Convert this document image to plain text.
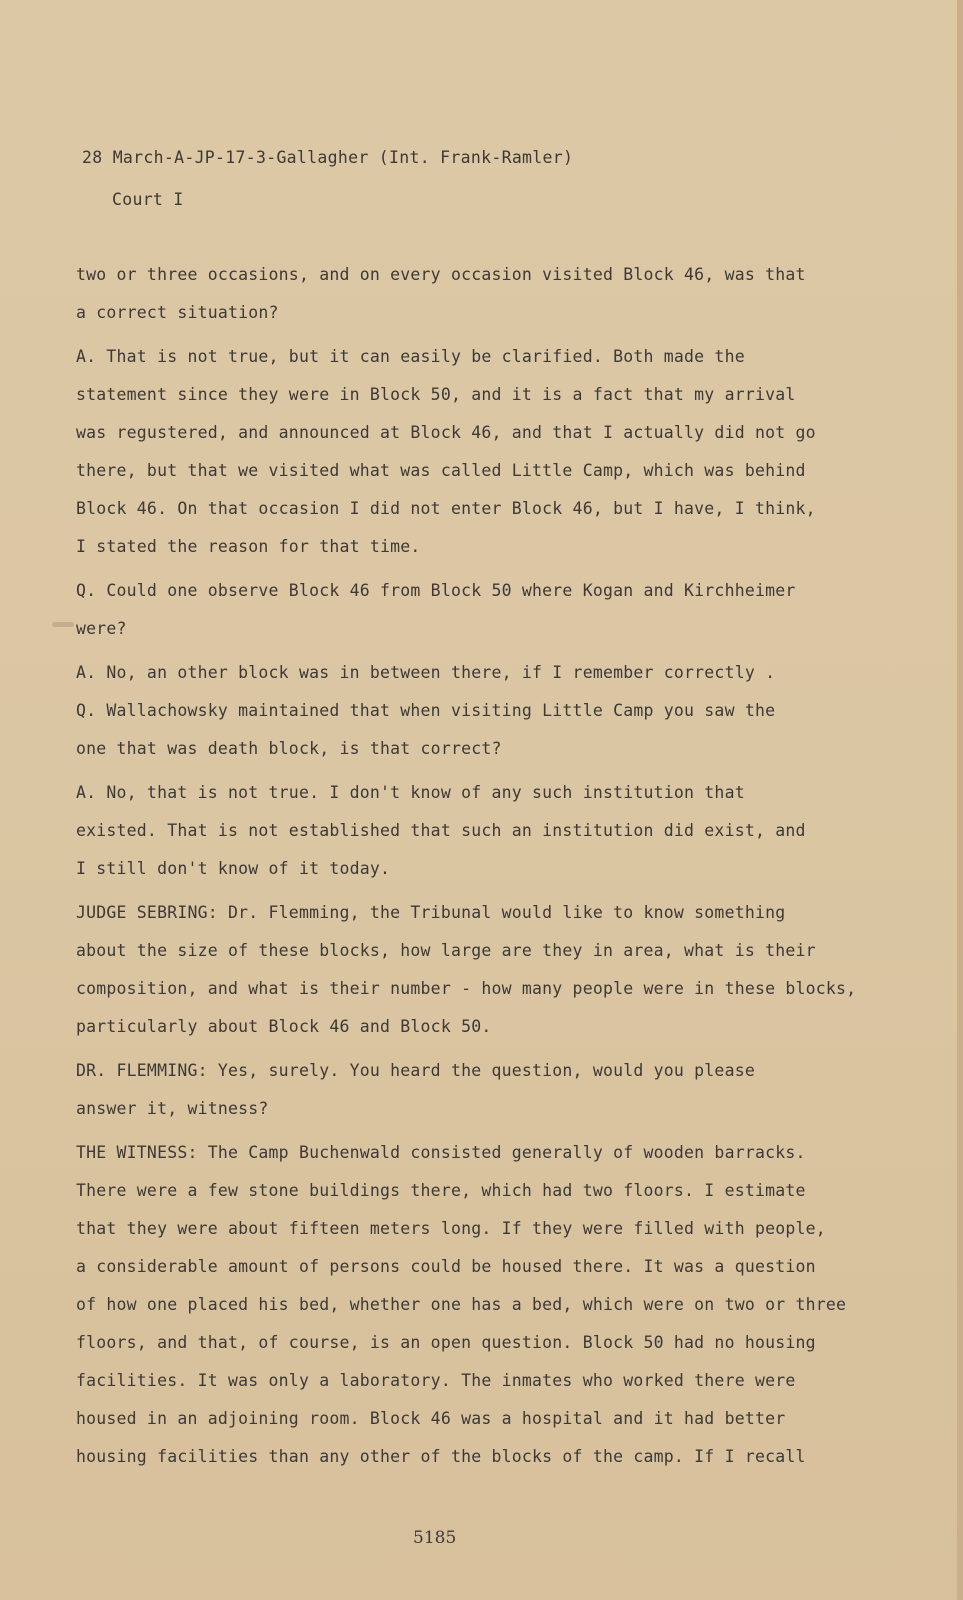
28 March-A-JP-17-3-Gallagher (Int. Frank-Ramler)
Court I

two or three occasions, and on every occasion visited Block 46, was that

a correct situation?

A. That is not true, but it can easily be clarified. Both made the

statement since they were in Block 50, and it is a fact that my arrival

was regustered, and announced at Block 46, and that I actually did not go

there, but that we visited what was called Little Camp, which was behind

Block 46. On that occasion I did not enter Block 46, but I have, I think,

I stated the reason for that time.

Q. Could one observe Block 46 from Block 50 where Kogan and Kirchheimer

were?

A. No, an other block was in between there, if I remember correctly .

Q. Wallachowsky maintained that when visiting Little Camp you saw the

one that was death block, is that correct?

A. No, that is not true. I don't know of any such institution that

existed. That is not established that such an institution did exist, and

I still don't know of it today.

JUDGE SEBRING: Dr. Flemming, the Tribunal would like to know something

about the size of these blocks, how large are they in area, what is their

composition, and what is their number - how many people were in these blocks,

particularly about Block 46 and Block 50.

DR. FLEMMING: Yes, surely. You heard the question, would you please

answer it, witness?

THE WITNESS: The Camp Buchenwald consisted generally of wooden barracks.

There were a few stone buildings there, which had two floors. I estimate

that they were about fifteen meters long. If they were filled with people,

a considerable amount of persons could be housed there. It was a question

of how one placed his bed, whether one has a bed, which were on two or three

floors, and that, of course, is an open question. Block 50 had no housing

facilities. It was only a laboratory. The inmates who worked there were

housed in an adjoining room. Block 46 was a hospital and it had better

housing facilities than any other of the blocks of the camp. If I recall

5185
